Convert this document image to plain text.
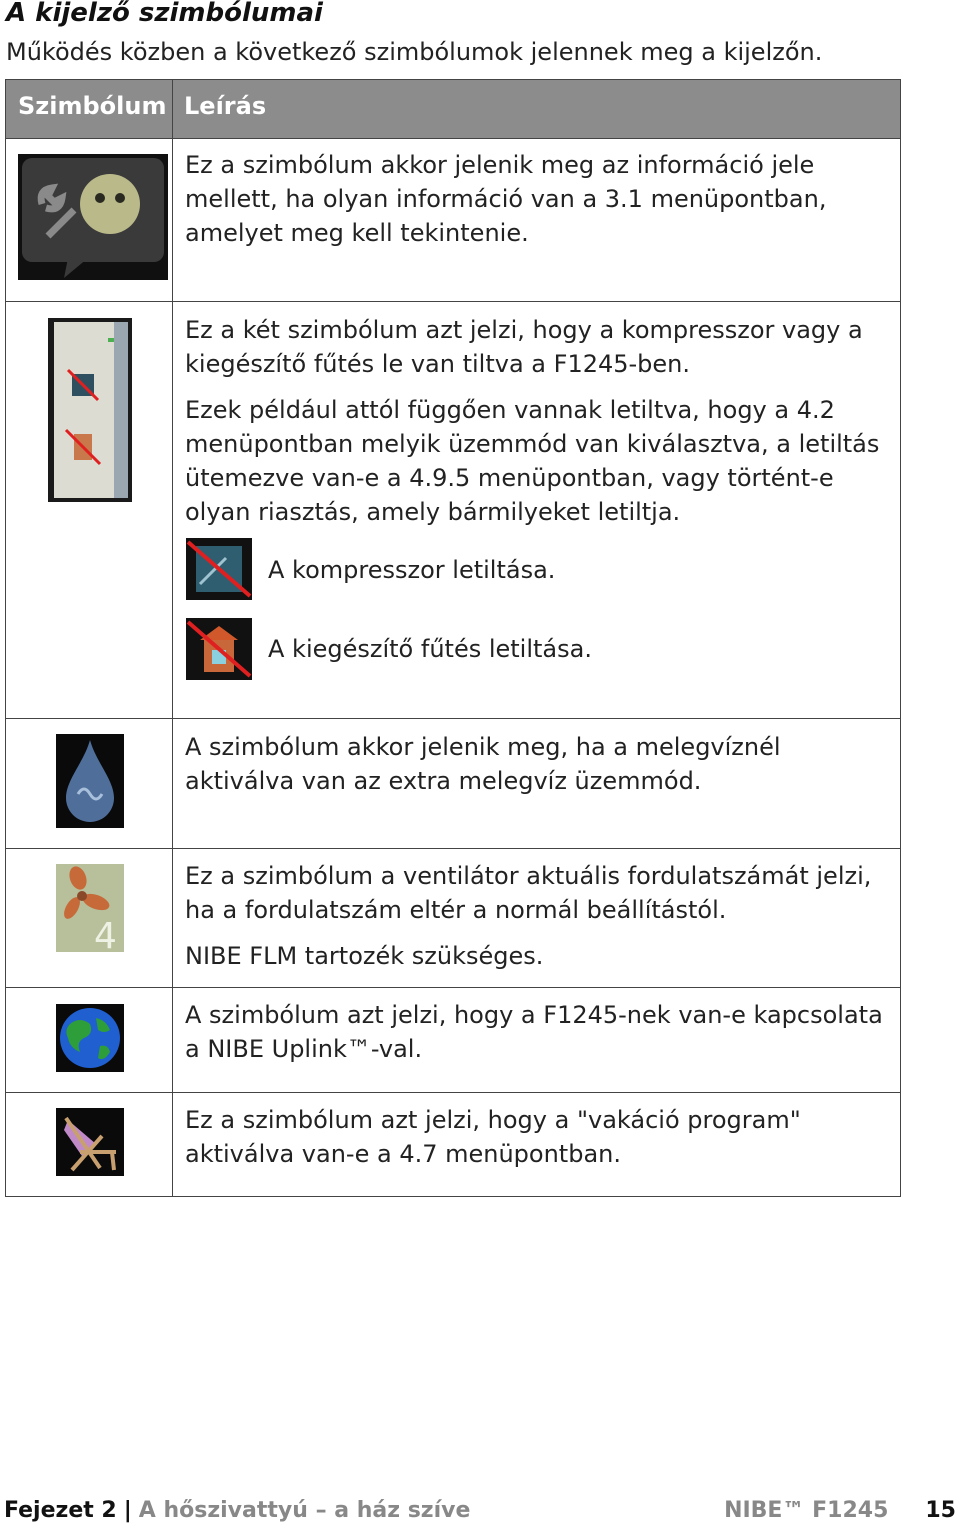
A kijelző szimbólumai
Működés közben a következő szimbólumok jelennek meg a kijelzőn.
Szimbólum Leírás
Ez a szimbólum akkor jelenik meg az információ jele mellett, ha olyan információ van a 3.1 menüpontban, amelyet meg kell tekintenie.
Ez a két szimbólum azt jelzi, hogy a kompresszor vagy a kiegészítő fűtés le van tiltva a F1245-ben.
Ezek például attól függően vannak letiltva, hogy a 4.2 menüpontban melyik üzemmód van kiválasztva, a letiltás ütemezve van-e a 4.9.5 menüpontban, vagy történt-e olyan riasztás, amely bármilyeket letiltja.
A kompresszor letiltása.
A kiegészítő fűtés letiltása.
A szimbólum akkor jelenik meg, ha a melegvíznél aktiválva van az extra melegvíz üzemmód.
4
Ez a szimbólum a ventilátor aktuális fordulatszámát jelzi, ha a fordulatszám eltér a normál beállítástól.
NIBE FLM tartozék szükséges.
A szimbólum azt jelzi, hogy a F1245-nek van-e kapcsolata a NIBE Uplink™-val.
Ez a szimbólum azt jelzi, hogy a "vakáció program" aktiválva van-e a 4.7 menüpontban.
Fejezet 2 | A hőszivattyú – a ház szíve	NIBE™ F1245 15
